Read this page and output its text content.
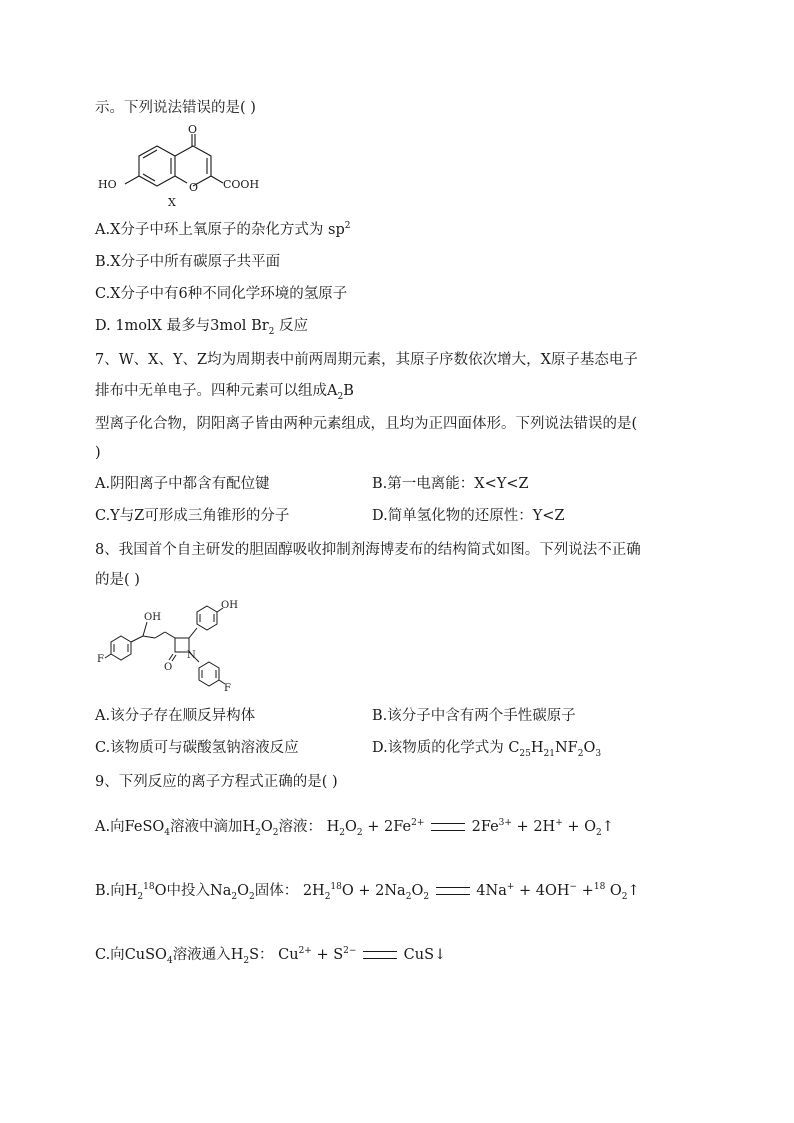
示。下列说法错误的是( )
O
HO	O COOH
X
A.X分子中环上氧原子的杂化方式为 $sp^2$
B.X分子中所有碳原子共平面
C.X分子中有6种不同化学环境的氢原子
D. 1molX 最多与3mol $Br_2$ 反应
7、W、X、Y、Z均为周期表中前两周期元素，其原子序数依次增大，X原子基态电子
排布中无单电子。四种元素可以组成$A_2B$
型离子化合物，阴阳离子皆由两种元素组成，且均为正四面体形。下列说法错误的是(
)
A.阴阳离子中都含有配位键	B.第一电离能：X<Y<Z
C.Y与Z可形成三角锥形的分子	D.简单氢化物的还原性：Y<Z
8、我国首个自主研发的胆固醇吸收抑制剂海博麦布的结构简式如图。下列说法不正确
的是( )
OH
OH
F
F
N
O
A.该分子存在顺反异构体	B.该分子中含有两个手性碳原子
C.该物质可与碳酸氢钠溶液反应	D.该物质的化学式为 $C_{25}H_{21}NF_2O_3$
9、下列反应的离子方程式正确的是( )
A.向FeSO$_4$溶液中滴加$H_2O_2$溶液： $H_2O_2 + 2Fe^{2+}$	$2Fe^{3+} + 2H^+$ + $O_2↑$
B.向$H_2^{18}O$中投入$Na_2O_2$固体： $2H_2^{18}O + 2Na_2O_2$	4Na+ + 4OH− +$^{18}$ $O_2↑$
C.向CuSO$_4$溶液通入$H_2S$： $Cu^{2+} + S^{2-}$	CuS↓
